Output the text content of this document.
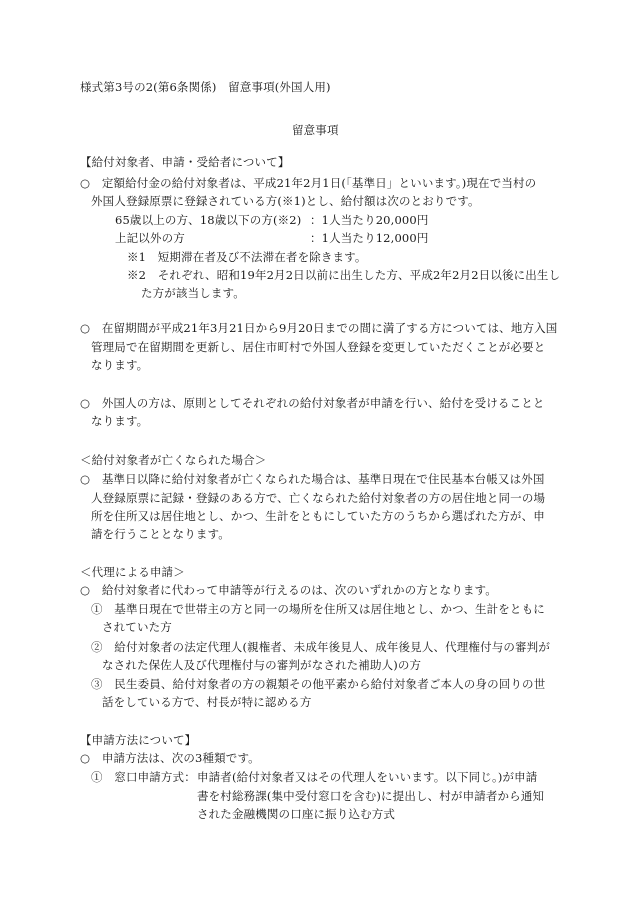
様式第3号の2(第6条関係)　留意事項(外国人用)
留意事項
【給付対象者、申請・受給者について】
○　定額給付金の給付対象者は、平成21年2月1日(「基準日」といいます。)現在で当村の
外国人登録原票に登録されている方(※1)とし、給付額は次のとおりです。
65歳以上の方、18歳以下の方(※2) ：1人当たり20,000円
上記以外の方	：1人当たり12,000円
※1　短期滞在者及び不法滞在者を除きます。
※2　それぞれ、昭和19年2月2日以前に出生した方、平成2年2月2日以後に出生し
た方が該当します。
○　在留期間が平成21年3月21日から9月20日までの間に満了する方については、地方入国
管理局で在留期間を更新し、居住市町村で外国人登録を変更していただくことが必要と
なります。
○　外国人の方は、原則としてそれぞれの給付対象者が申請を行い、給付を受けることと
なります。
＜給付対象者が亡くなられた場合＞
○　基準日以降に給付対象者が亡くなられた場合は、基準日現在で住民基本台帳又は外国
人登録原票に記録・登録のある方で、亡くなられた給付対象者の方の居住地と同一の場
所を住所又は居住地とし、かつ、生計をともにしていた方のうちから選ばれた方が、申
請を行うこととなります。
＜代理による申請＞
○　給付対象者に代わって申請等が行えるのは、次のいずれかの方となります。
①　基準日現在で世帯主の方と同一の場所を住所又は居住地とし、かつ、生計をともに
されていた方
②　給付対象者の法定代理人(親権者、未成年後見人、成年後見人、代理権付与の審判が
なされた保佐人及び代理権付与の審判がなされた補助人)の方
③　民生委員、給付対象者の方の親類その他平素から給付対象者ご本人の身の回りの世
話をしている方で、村長が特に認める方
【申請方法について】
○　申請方法は、次の3種類です。
①　窓口申請方式： 申請者(給付対象者又はその代理人をいいます。以下同じ。)が申請
書を村総務課(集中受付窓口を含む)に提出し、村が申請者から通知
された金融機関の口座に振り込む方式
